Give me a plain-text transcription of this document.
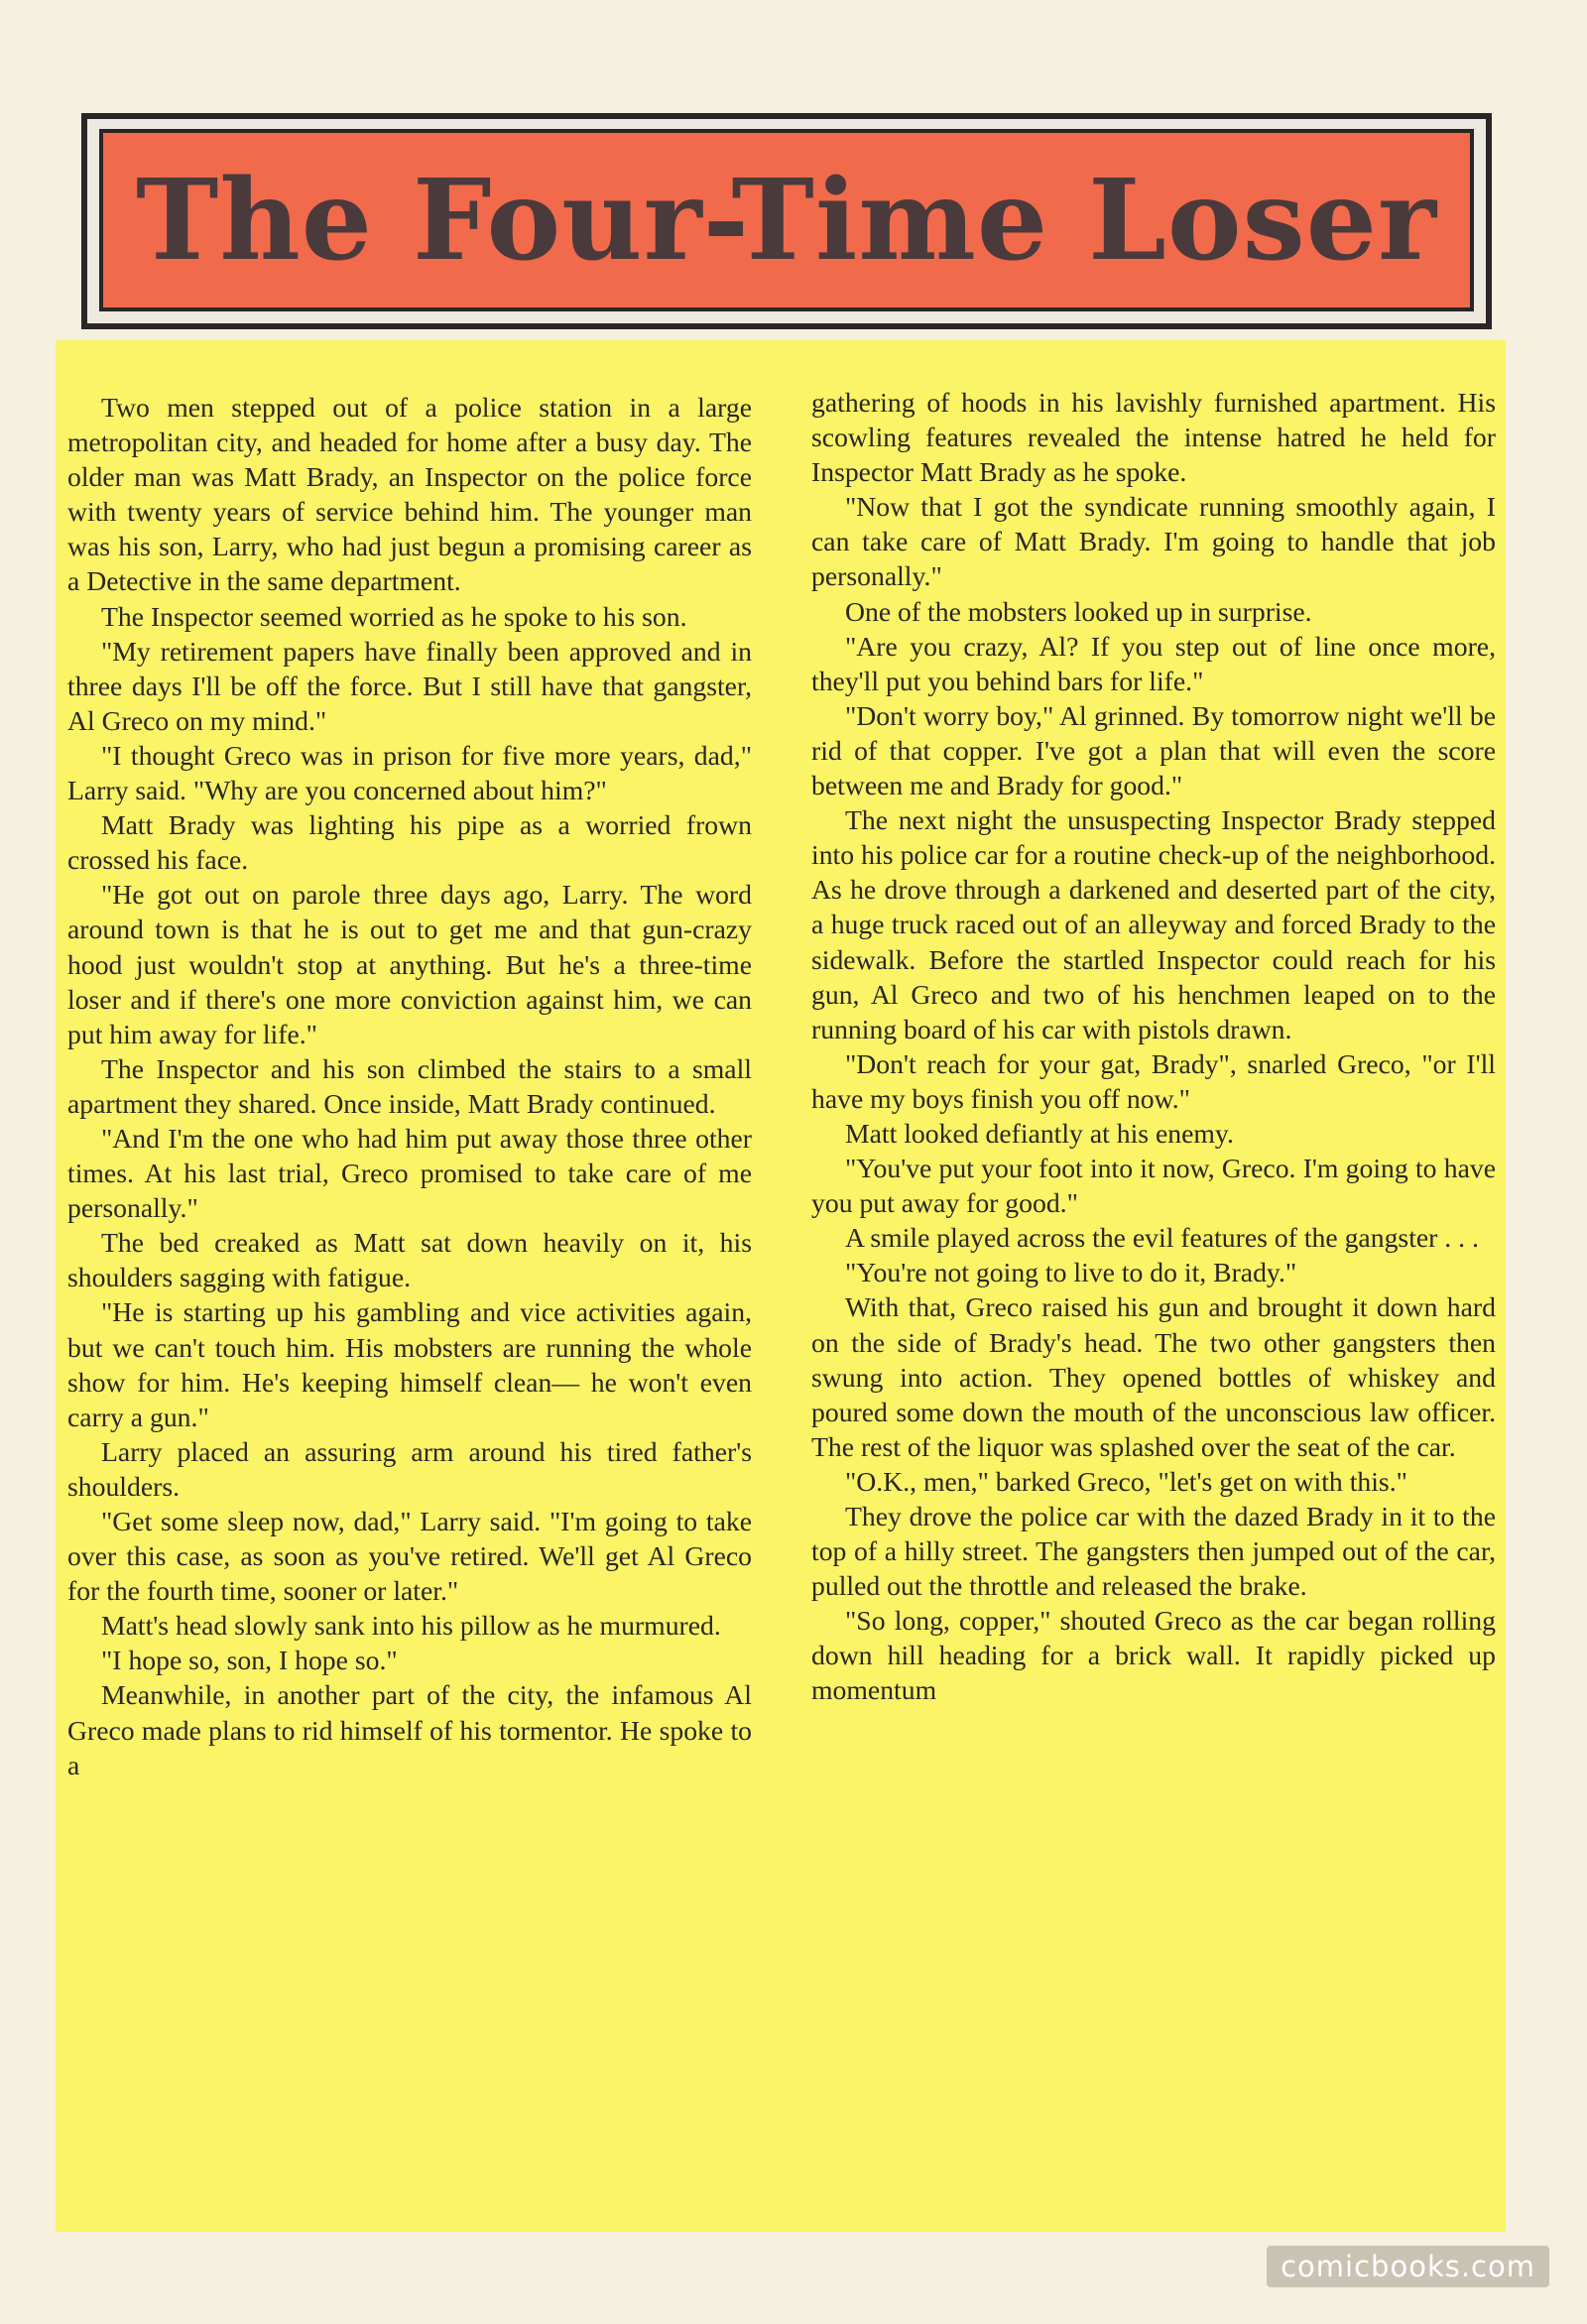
The Four-Time Loser

Two men stepped out of a police station in a large metropolitan city, and headed for home after a busy day. The older man was Matt Brady, an Inspector on the police force with twenty years of service behind him. The younger man was his son, Larry, who had just begun a promising career as a Detective in the same department.

The Inspector seemed worried as he spoke to his son.

"My retirement papers have finally been approved and in three days I'll be off the force. But I still have that gangster, Al Greco on my mind."

"I thought Greco was in prison for five more years, dad," Larry said. "Why are you concerned about him?"

Matt Brady was lighting his pipe as a worried frown crossed his face.

"He got out on parole three days ago, Larry. The word around town is that he is out to get me and that gun-crazy hood just wouldn't stop at anything. But he's a three-time loser and if there's one more conviction against him, we can put him away for life."

The Inspector and his son climbed the stairs to a small apartment they shared. Once inside, Matt Brady continued.

"And I'm the one who had him put away those three other times. At his last trial, Greco promised to take care of me personally."

The bed creaked as Matt sat down heavily on it, his shoulders sagging with fatigue.

"He is starting up his gambling and vice activities again, but we can't touch him. His mobsters are running the whole show for him. He's keeping himself clean— he won't even carry a gun."

Larry placed an assuring arm around his tired father's shoulders.

"Get some sleep now, dad," Larry said. "I'm going to take over this case, as soon as you've retired. We'll get Al Greco for the fourth time, sooner or later."

Matt's head slowly sank into his pillow as he murmured.

"I hope so, son, I hope so."

Meanwhile, in another part of the city, the infamous Al Greco made plans to rid himself of his tormentor. He spoke to a

gathering of hoods in his lavishly furnished apartment. His scowling features revealed the intense hatred he held for Inspector Matt Brady as he spoke.

"Now that I got the syndicate running smoothly again, I can take care of Matt Brady. I'm going to handle that job personally."

One of the mobsters looked up in surprise.

"Are you crazy, Al? If you step out of line once more, they'll put you behind bars for life."

"Don't worry boy," Al grinned. By tomorrow night we'll be rid of that copper. I've got a plan that will even the score between me and Brady for good."

The next night the unsuspecting Inspector Brady stepped into his police car for a routine check-up of the neighborhood. As he drove through a darkened and deserted part of the city, a huge truck raced out of an alleyway and forced Brady to the sidewalk. Before the startled Inspector could reach for his gun, Al Greco and two of his henchmen leaped on to the running board of his car with pistols drawn.

"Don't reach for your gat, Brady", snarled Greco, "or I'll have my boys finish you off now."

Matt looked defiantly at his enemy.

"You've put your foot into it now, Greco. I'm going to have you put away for good."

A smile played across the evil features of the gangster . . .

"You're not going to live to do it, Brady."

With that, Greco raised his gun and brought it down hard on the side of Brady's head. The two other gangsters then swung into action. They opened bottles of whiskey and poured some down the mouth of the unconscious law officer. The rest of the liquor was splashed over the seat of the car.

"O.K., men," barked Greco, "let's get on with this."

They drove the police car with the dazed Brady in it to the top of a hilly street. The gangsters then jumped out of the car, pulled out the throttle and released the brake.

"So long, copper," shouted Greco as the car began rolling down hill heading for a brick wall. It rapidly picked up momentum

comicbooks.com
